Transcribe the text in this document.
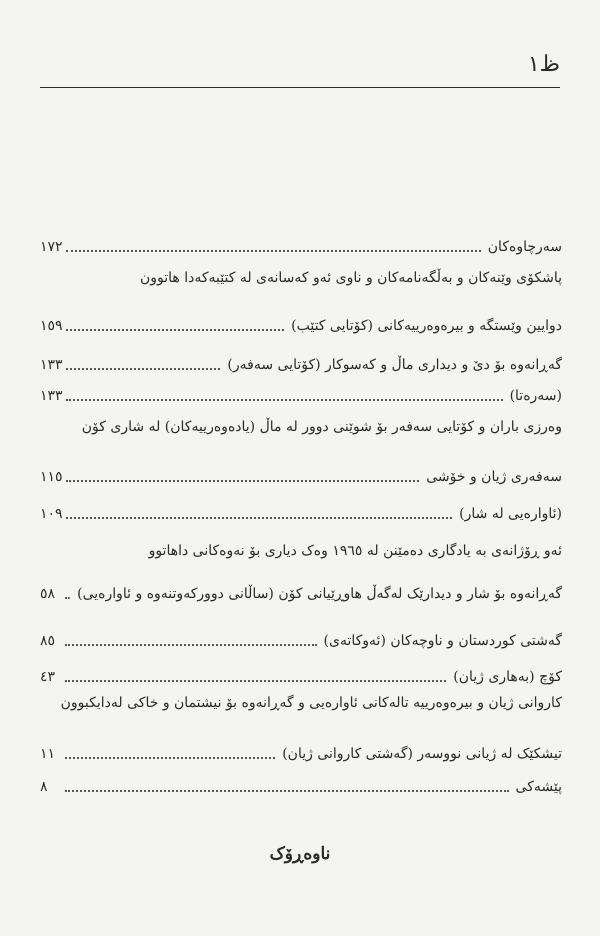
ظ١
پێشەکی
٨
(گەشتی کاروانی ژیان) تیشکێک لە ژیانی نووسەر
١١
کاروانی ژیان و بیرەوەرییە تالەکانی ئاوارەیی و گەڕانەوە بۆ نیشتمان و خاکی لەدایکبوون
(بەهاری ژیان) کۆچ
٤٣
(ئەوکاتەی) گەشتی کوردستان و ناوچەکان
٨٥
گەڕانەوە بۆ شار و دیدارێک لەگەڵ هاوڕێیانی کۆن (ساڵانی دوورکەوتنەوە و ئاوارەیی)
٥٨
ئەو ڕۆژانەی بە یادگاری دەمێنن لە ١٩٦٥ وەک دیاری بۆ نەوەکانی داهاتوو
(ئاوارەیی لە شار)
١٠٩
سەفەری ژیان و خۆشی
١١٥
وەرزی باران و کۆتایی سەفەر بۆ شوێنی دوور لە ماڵ (یادەوەرییەکان) لە شاری کۆن
(سەرەتا)
١٣٣
گەڕانەوە بۆ دێ و دیداری ماڵ و کەسوکار (کۆتایی سەفەر)
١٣٣
دوایین وێستگە و بیرەوەرییەکانی (کۆتایی کتێب)
١٥٩
پاشکۆی وێنەکان و بەڵگەنامەکان و ناوی ئەو کەسانەی لە کتێبەکەدا هاتوون
سەرچاوەکان
١٧٢
ناوەڕۆک
